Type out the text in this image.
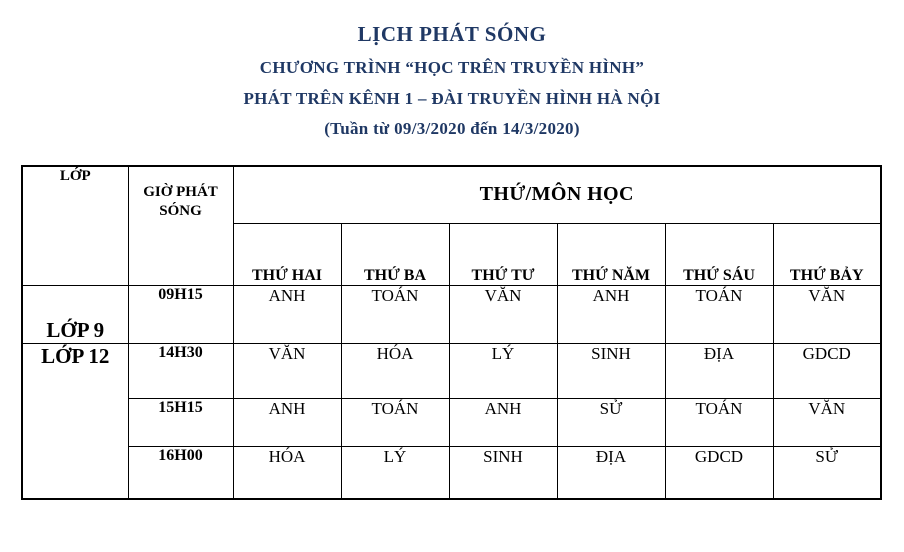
LỊCH PHÁT SÓNG
CHƯƠNG TRÌNH “HỌC TRÊN TRUYỀN HÌNH”
PHÁT TRÊN KÊNH 1 – ĐÀI TRUYỀN HÌNH HÀ NỘI
(Tuần từ 09/3/2020 đến 14/3/2020)
LỚP	GIỜ PHÁT SÓNG	THỨ/MÔN HỌC					
		THỨ HAI	THỨ BA	THỨ TƯ	THỨ NĂM	THỨ SÁU	THỨ BẢY
LỚP 9	09H15	ANH	TOÁN	VĂN	ANH	TOÁN	VĂN
LỚP 12	14H30	VĂN	HÓA	LÝ	SINH	ĐỊA	GDCD
	15H15	ANH	TOÁN	ANH	SỬ	TOÁN	VĂN
	16H00	HÓA	LÝ	SINH	ĐỊA	GDCD	SỬ
